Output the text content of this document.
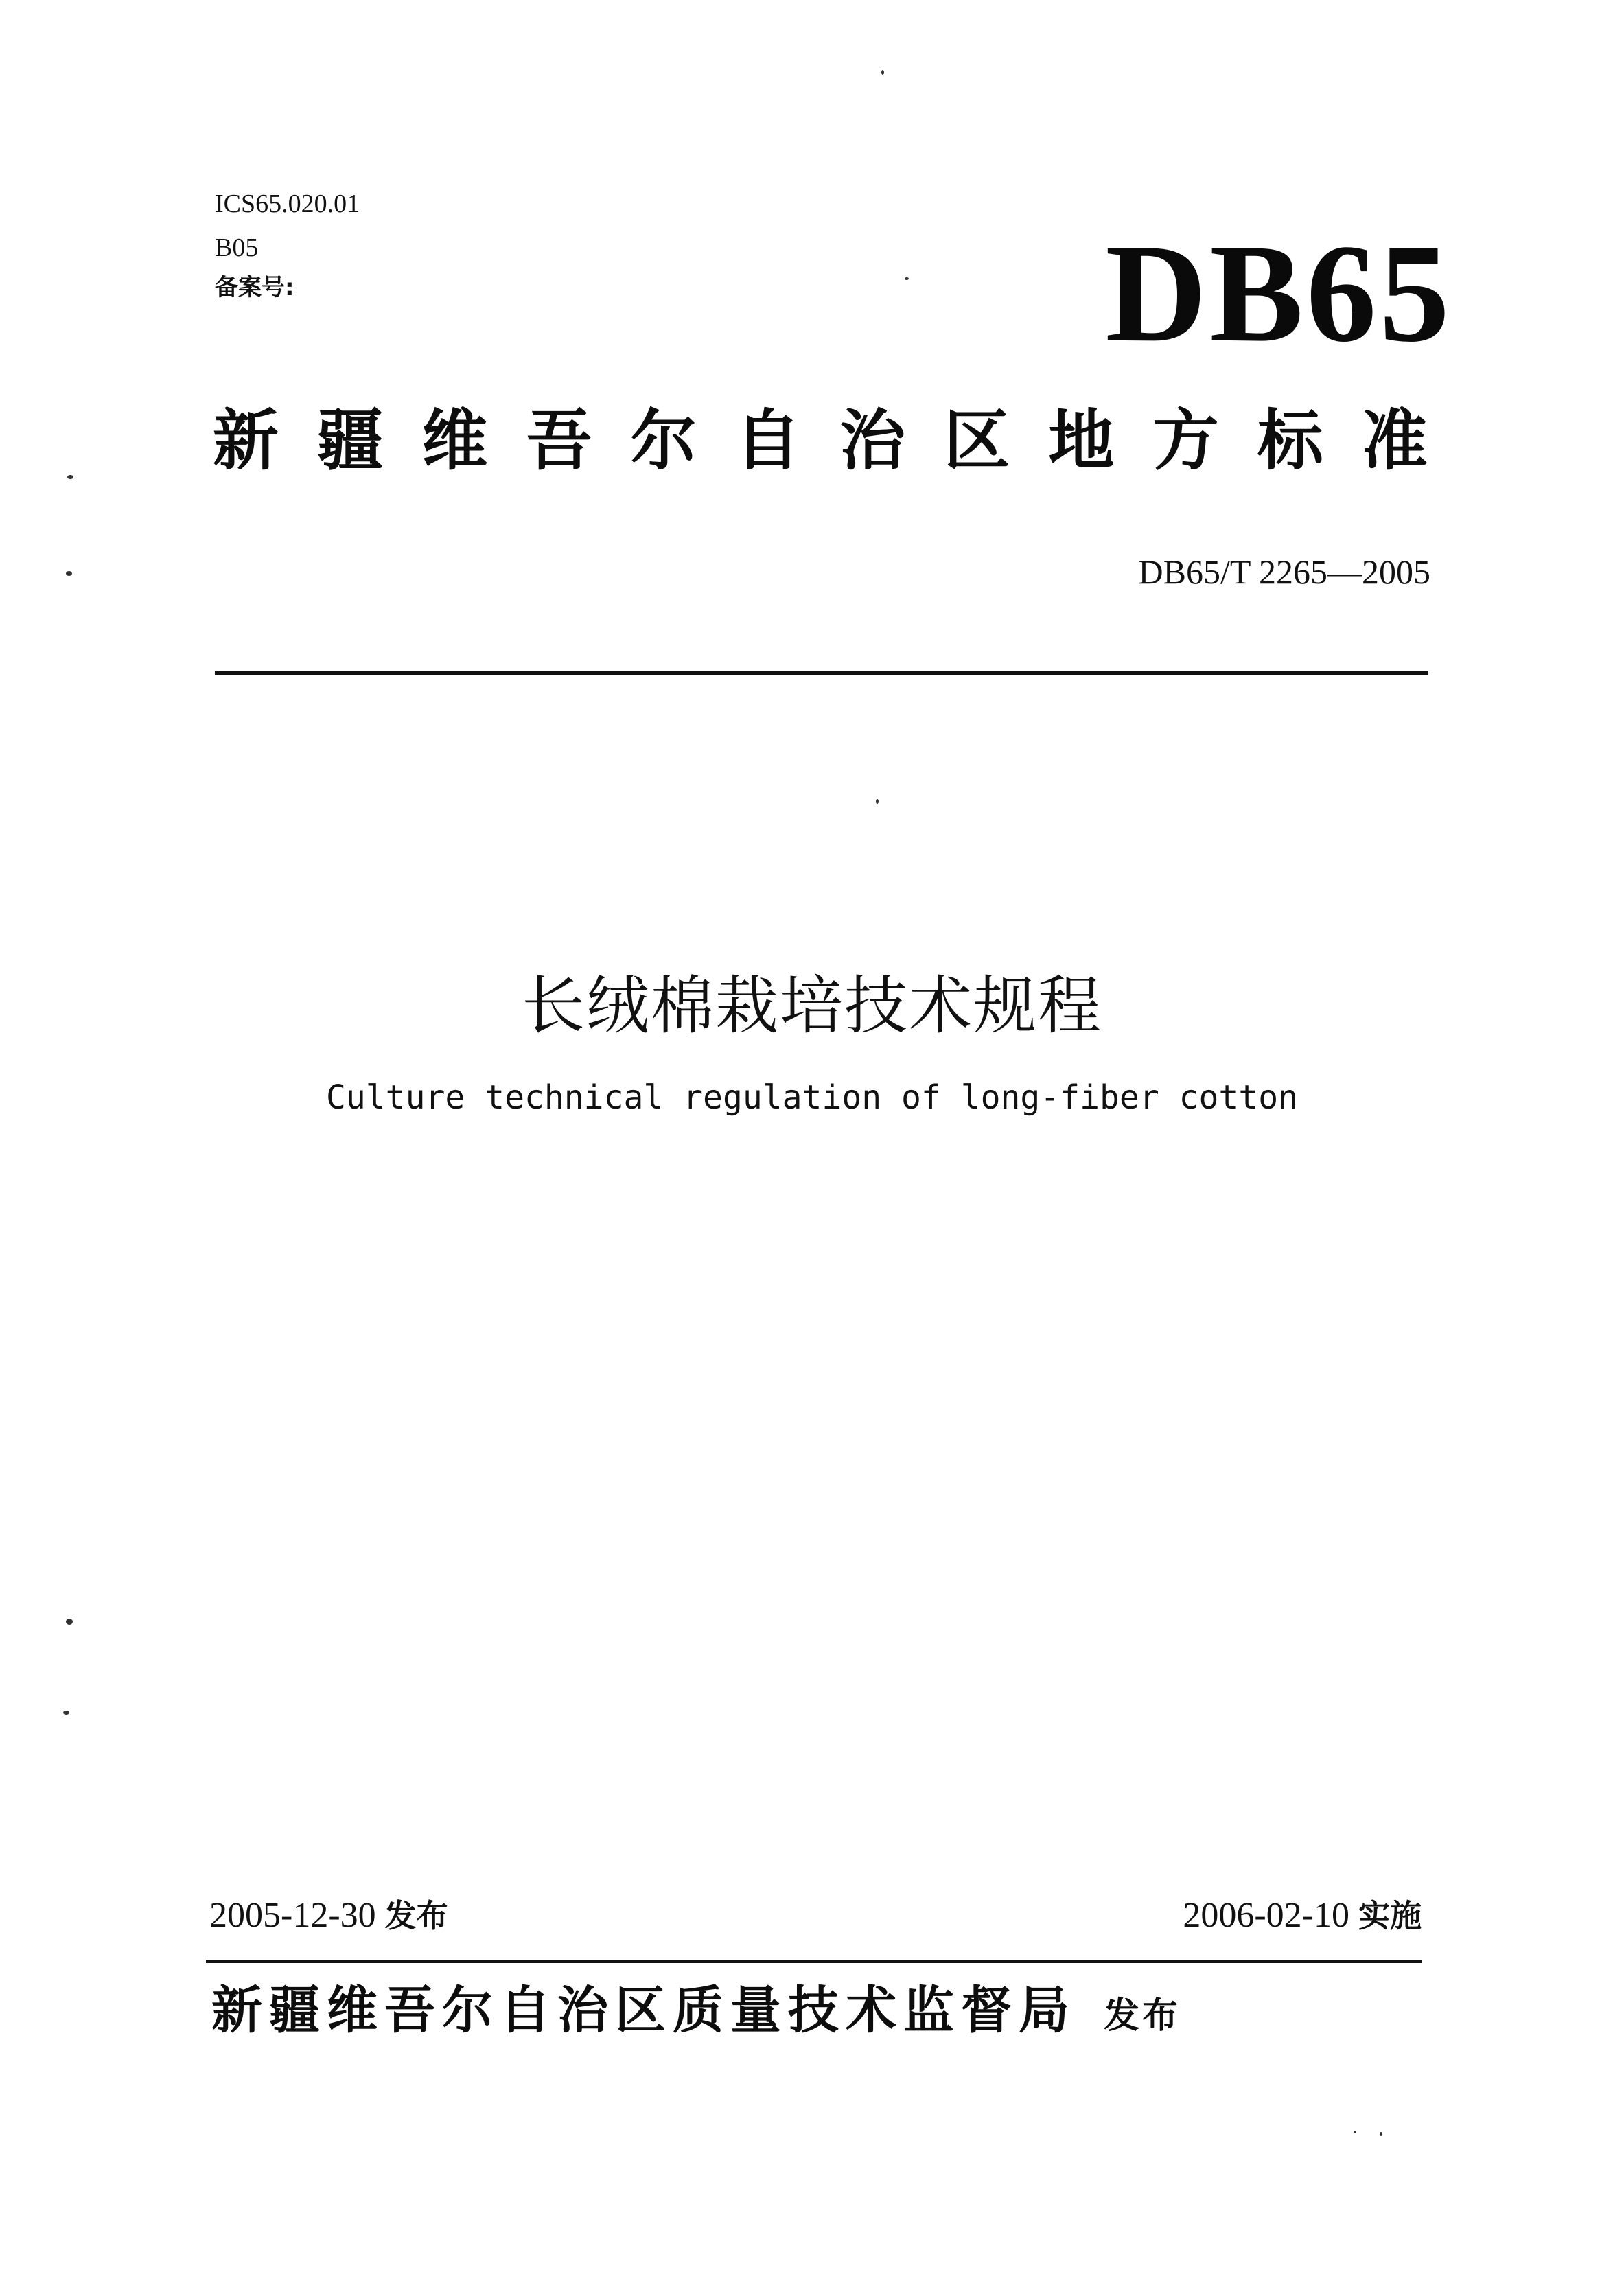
ICS65.020.01
B05
备案号:	DB65
新 疆 维 吾 尔 自 治 区 地 方 标 准
DB65/T 2265—2005
长绒棉栽培技术规程
Culture technical regulation of long-fiber cotton
2005-12-30 发布	2006-02-10 实施
新疆维吾尔自治区质量技术监督局 发布
